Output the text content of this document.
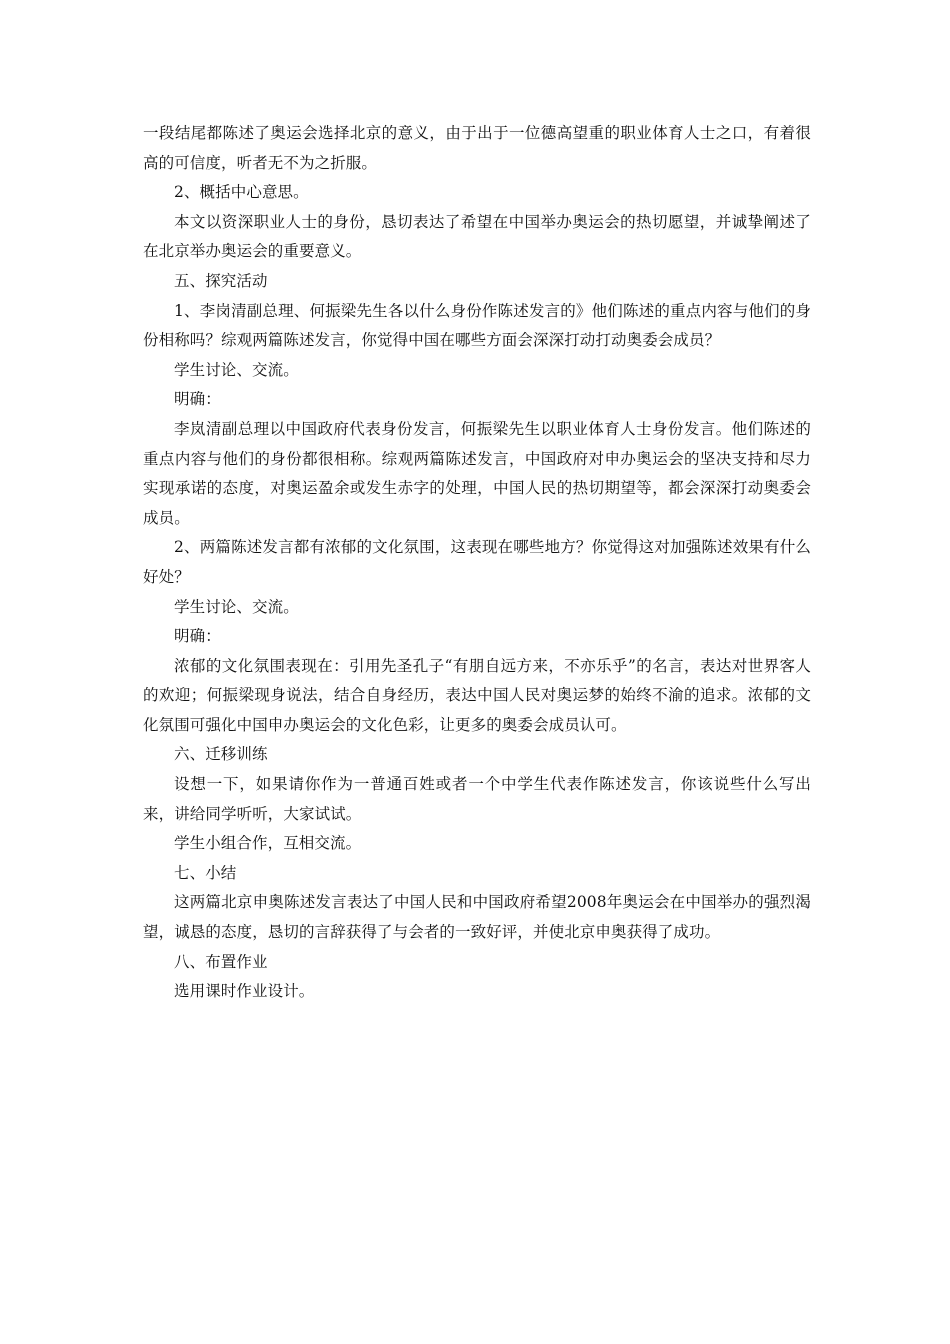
一段结尾都陈述了奥运会选择北京的意义，由于出于一位德高望重的职业体育人士之口，有着很高的可信度，听者无不为之折服。

2、概括中心意思。

本文以资深职业人士的身份，恳切表达了希望在中国举办奥运会的热切愿望，并诚挚阐述了在北京举办奥运会的重要意义。

五、探究活动

1、李岗清副总理、何振梁先生各以什么身份作陈述发言的》他们陈述的重点内容与他们的身份相称吗？综观两篇陈述发言，你觉得中国在哪些方面会深深打动打动奥委会成员？

学生讨论、交流。

明确：

李岚清副总理以中国政府代表身份发言，何振梁先生以职业体育人士身份发言。他们陈述的重点内容与他们的身份都很相称。综观两篇陈述发言，中国政府对申办奥运会的坚决支持和尽力实现承诺的态度，对奥运盈余或发生赤字的处理，中国人民的热切期望等，都会深深打动奥委会成员。

2、两篇陈述发言都有浓郁的文化氛围，这表现在哪些地方？你觉得这对加强陈述效果有什么好处？

学生讨论、交流。

明确：

浓郁的文化氛围表现在：引用先圣孔子“有朋自远方来，不亦乐乎”的名言，表达对世界客人的欢迎；何振梁现身说法，结合自身经历，表达中国人民对奥运梦的始终不渝的追求。浓郁的文化氛围可强化中国申办奥运会的文化色彩，让更多的奥委会成员认可。

六、迁移训练

设想一下，如果请你作为一普通百姓或者一个中学生代表作陈述发言，你该说些什么写出来，讲给同学听听，大家试试。

学生小组合作，互相交流。

七、小结

这两篇北京申奥陈述发言表达了中国人民和中国政府希望2008年奥运会在中国举办的强烈渴望，诚恳的态度，恳切的言辞获得了与会者的一致好评，并使北京申奥获得了成功。

八、布置作业

选用课时作业设计。
